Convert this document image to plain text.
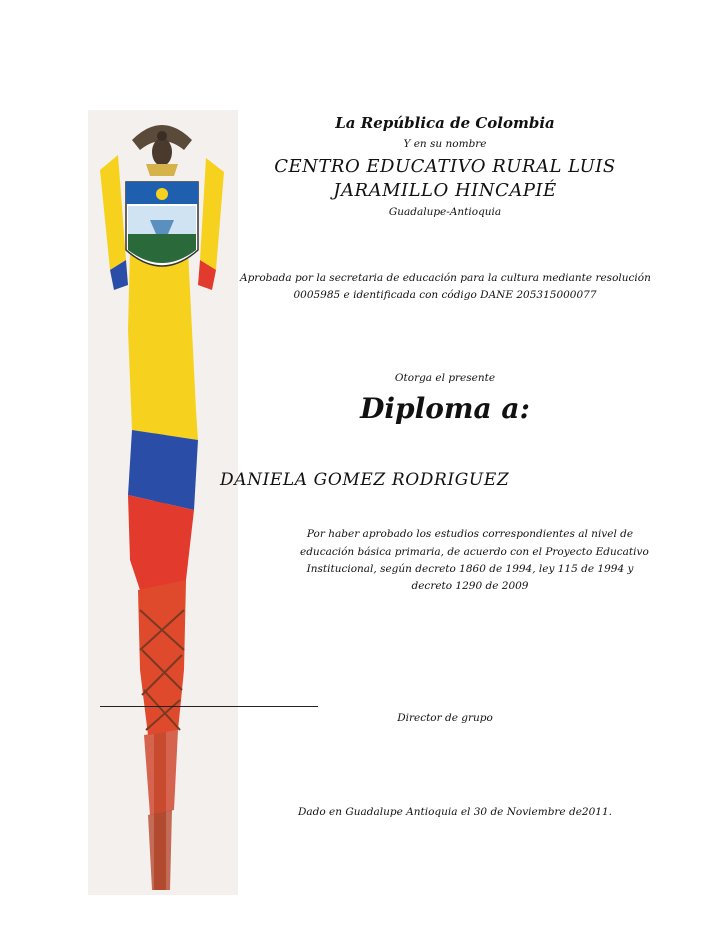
La República de Colombia
Y en su nombre
CENTRO EDUCATIVO RURAL LUIS
JARAMILLO HINCAPIÉ
Guadalupe-Antioquia
Aprobada por la secretaria de educación para la cultura mediante resolución
0005985 e identificada con código DANE 205315000077
Otorga el presente
Diploma a:
DANIELA GOMEZ RODRIGUEZ
Por haber aprobado los estudios correspondientes al nivel de
educación básica primaria, de acuerdo con el Proyecto Educativo
Institucional, según decreto 1860 de 1994, ley 115 de 1994 y
decreto 1290 de 2009
Director de grupo
Dado en Guadalupe Antioquia el 30 de Noviembre de2011.
